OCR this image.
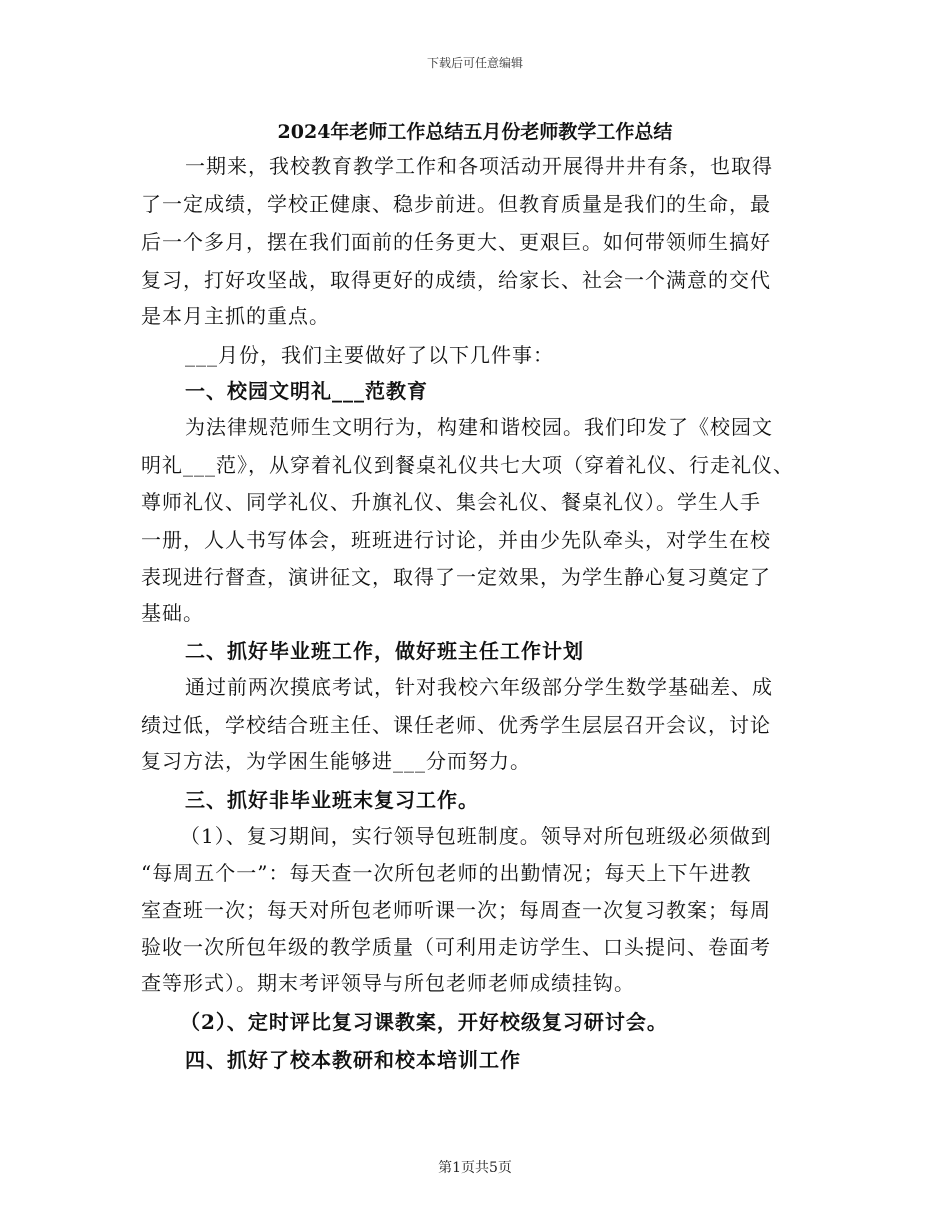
下载后可任意编辑
2024年老师工作总结五月份老师教学工作总结
一期来，我校教育教学工作和各项活动开展得井井有条，也取得
了一定成绩，学校正健康、稳步前进。但教育质量是我们的生命，最
后一个多月，摆在我们面前的任务更大、更艰巨。如何带领师生搞好
复习，打好攻坚战，取得更好的成绩，给家长、社会一个满意的交代
是本月主抓的重点。
___月份，我们主要做好了以下几件事：
一、校园文明礼___范教育
为法律规范师生文明行为，构建和谐校园。我们印发了《校园文
明礼___范》，从穿着礼仪到餐桌礼仪共七大项（穿着礼仪、行走礼仪、
尊师礼仪、同学礼仪、升旗礼仪、集会礼仪、餐桌礼仪）。学生人手
一册，人人书写体会，班班进行讨论，并由少先队牵头，对学生在校
表现进行督查，演讲征文，取得了一定效果，为学生静心复习奠定了
基础。
二、抓好毕业班工作，做好班主任工作计划
通过前两次摸底考试，针对我校六年级部分学生数学基础差、成
绩过低，学校结合班主任、课任老师、优秀学生层层召开会议，讨论
复习方法，为学困生能够进___分而努力。
三、抓好非毕业班末复习工作。
（1）、复习期间，实行领导包班制度。领导对所包班级必须做到
“每周五个一”：每天查一次所包老师的出勤情况；每天上下午进教
室查班一次；每天对所包老师听课一次；每周查一次复习教案；每周
验收一次所包年级的教学质量（可利用走访学生、口头提问、卷面考
查等形式）。期末考评领导与所包老师老师成绩挂钩。
（2）、定时评比复习课教案，开好校级复习研讨会。
四、抓好了校本教研和校本培训工作
第1页共5页
